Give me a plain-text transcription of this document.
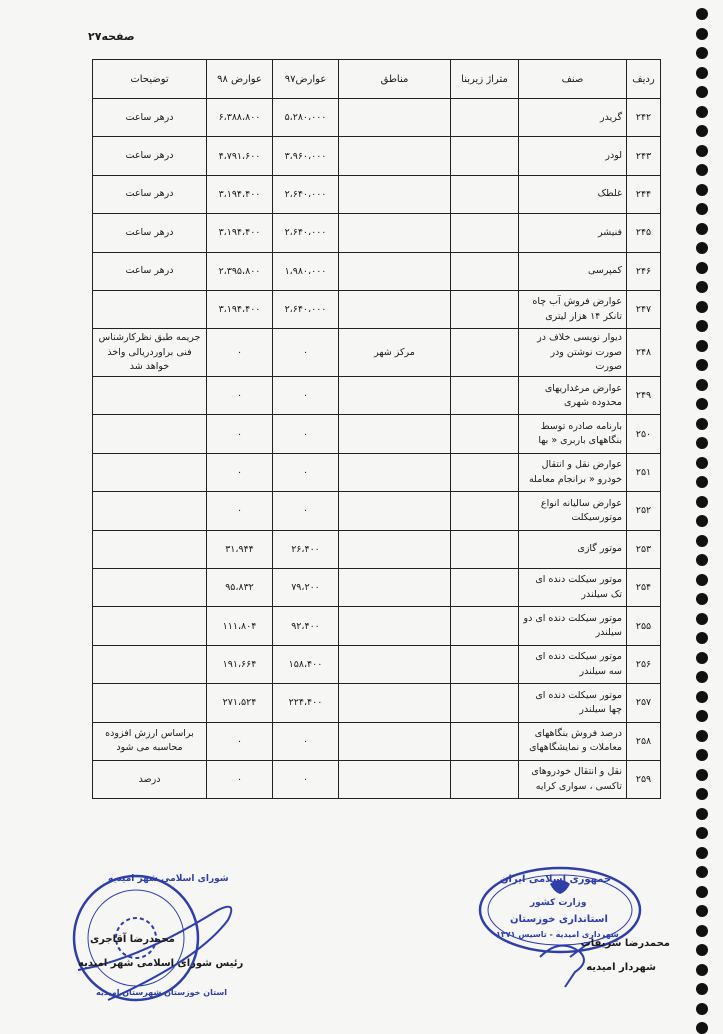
صفحه۲۷
ردیف	صنف	متراژ زیربنا	مناطق	عوارض۹۷	عوارض ۹۸	توضیحات
۲۴۲	گریدر			۵،۲۸۰،۰۰۰	۶،۳۸۸،۸۰۰	درهر ساعت
۲۴۳	لودر			۳،۹۶۰،۰۰۰	۴،۷۹۱،۶۰۰	درهر ساعت
۲۴۴	غلطک			۲،۶۴۰،۰۰۰	۳،۱۹۴،۴۰۰	درهر ساعت
۲۴۵	فنیشر			۲،۶۴۰،۰۰۰	۳،۱۹۴،۴۰۰	درهر ساعت
۲۴۶	کمپرسی			۱،۹۸۰،۰۰۰	۲،۳۹۵،۸۰۰	درهر ساعت
۲۴۷	عوارض فروش آب چاه تانکر ۱۴ هزار لیتری			۲،۶۴۰،۰۰۰	۳،۱۹۴،۴۰۰	
۲۴۸	دیوار نویسی خلاف در صورت نوشتن ودر صورت		مرکز شهر	۰	۰	جریمه طبق نظرکارشناس فنی براوردریالی واخذ خواهد شد
۲۴۹	عوارض مرغداریهای محدوده شهری			۰	۰	
۲۵۰	بارنامه صادره توسط بنگاههای باربری « بها			۰	۰	
۲۵۱	عوارض نقل و انتقال خودرو « برانجام معامله			۰	۰	
۲۵۲	عوارض سالیانه انواع موتورسیکلت			۰	۰	
۲۵۳	موتور گازی			۲۶،۴۰۰	۳۱،۹۴۴	
۲۵۴	موتور سیکلت دنده ای تک سیلندر			۷۹،۲۰۰	۹۵،۸۳۲	
۲۵۵	موتور سیکلت دنده ای دو سیلندر			۹۲،۴۰۰	۱۱۱،۸۰۴	
۲۵۶	موتور سیکلت دنده ای سه سیلندر			۱۵۸،۴۰۰	۱۹۱،۶۶۴	
۲۵۷	موتور سیکلت دنده ای چها سیلندر			۲۲۴،۴۰۰	۲۷۱،۵۲۴	
۲۵۸	درصد فروش بنگاههای معاملات و نمایشگاههای			۰	۰	براساس ارزش افزوده محاسبه می شود
۲۵۹	نقل و انتقال خودروهای تاکسی ، سواری کرایه			۰	۰	درصد
جمهوری اسلامی ایران
وزارت کشور
استانداری خوزستان
شهرداری امیدیه - تاسیس ۱۳۷۱
محمدرضا شریفات
شهردار امیدیه
شورای اسلامی شهر امیدیه
استان خوزستان شهرستان امیدیه
محمدرضا آقاجری
رئیس شورای اسلامی شهر امیدیه
